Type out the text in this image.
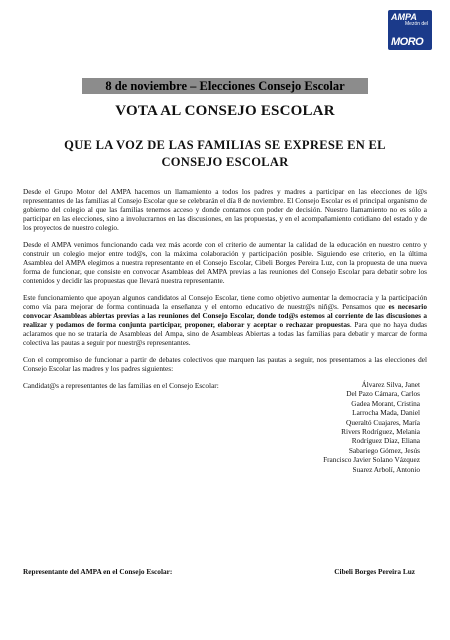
AMPA
Mezón del
MORO
8 de noviembre – Elecciones Consejo Escolar
VOTA AL CONSEJO ESCOLAR
QUE LA VOZ DE LAS FAMILIAS SE EXPRESE EN EL CONSEJO ESCOLAR

Desde el Grupo Motor del AMPA hacemos un llamamiento a todos los padres y madres a participar en las elecciones de l@s representantes de las familias al Consejo Escolar que se celebrarán el día 8 de noviembre. El Consejo Escolar es el principal organismo de gobierno del colegio al que las familias tenemos acceso y donde contamos con poder de decisión. Nuestro llamamiento no es sólo a participar en las elecciones, sino a involucrarnos en las discusiones, en las propuestas, y en el acompañamiento cotidiano del estado y de los proyectos de nuestro colegio.

Desde el AMPA venimos funcionando cada vez más acorde con el criterio de aumentar la calidad de la educación en nuestro centro y construir un colegio mejor entre tod@s, con la máxima colaboración y participación posible. Siguiendo ese criterio, en la última Asamblea del AMPA elegimos a nuestra representante en el Consejo Escolar, Cibeli Borges Pereira Luz, con la propuesta de una nueva forma de funcionar, que consiste en convocar Asambleas del AMPA previas a las reuniones del Consejo Escolar para debatir sobre los contenidos y decidir las propuestas que llevará nuestra representante.

Este funcionamiento que apoyan algunos candidatos al Consejo Escolar, tiene como objetivo aumentar la democracia y la participación como vía para mejorar de forma continuada la enseñanza y el entorno educativo de nuestr@s niñ@s. Pensamos que es necesario convocar Asambleas abiertas previas a las reuniones del Consejo Escolar, donde tod@s estemos al corriente de las discusiones a realizar y podamos de forma conjunta participar, proponer, elaborar y aceptar o rechazar propuestas. Para que no haya dudas aclaramos que no se trataría de Asambleas del Ampa, sino de Asambleas Abiertas a todas las familias para debatir y marcar de forma colectiva las pautas a seguir por nuestr@s representantes.

Con el compromiso de funcionar a partir de debates colectivos que marquen las pautas a seguir, nos presentamos a las elecciones del Consejo Escolar las madres y los padres siguientes:

Candidat@s a representantes de las familias en el Consejo Escolar:	Álvarez Silva, Janet
Del Pazo Cámara, Carlos
Gadea Morant, Cristina
Larrocha Mada, Daniel
Queraltó Cuajares, María
Rivers Rodríguez, Melania
Rodríguez Díaz, Eliana
Sabariego Gómez, Jesús
Francisco Javier Solano Vázquez
Suarez Arbolí, Antonio
Representante del AMPA en el Consejo Escolar:	Cibeli Borges Pereira Luz
